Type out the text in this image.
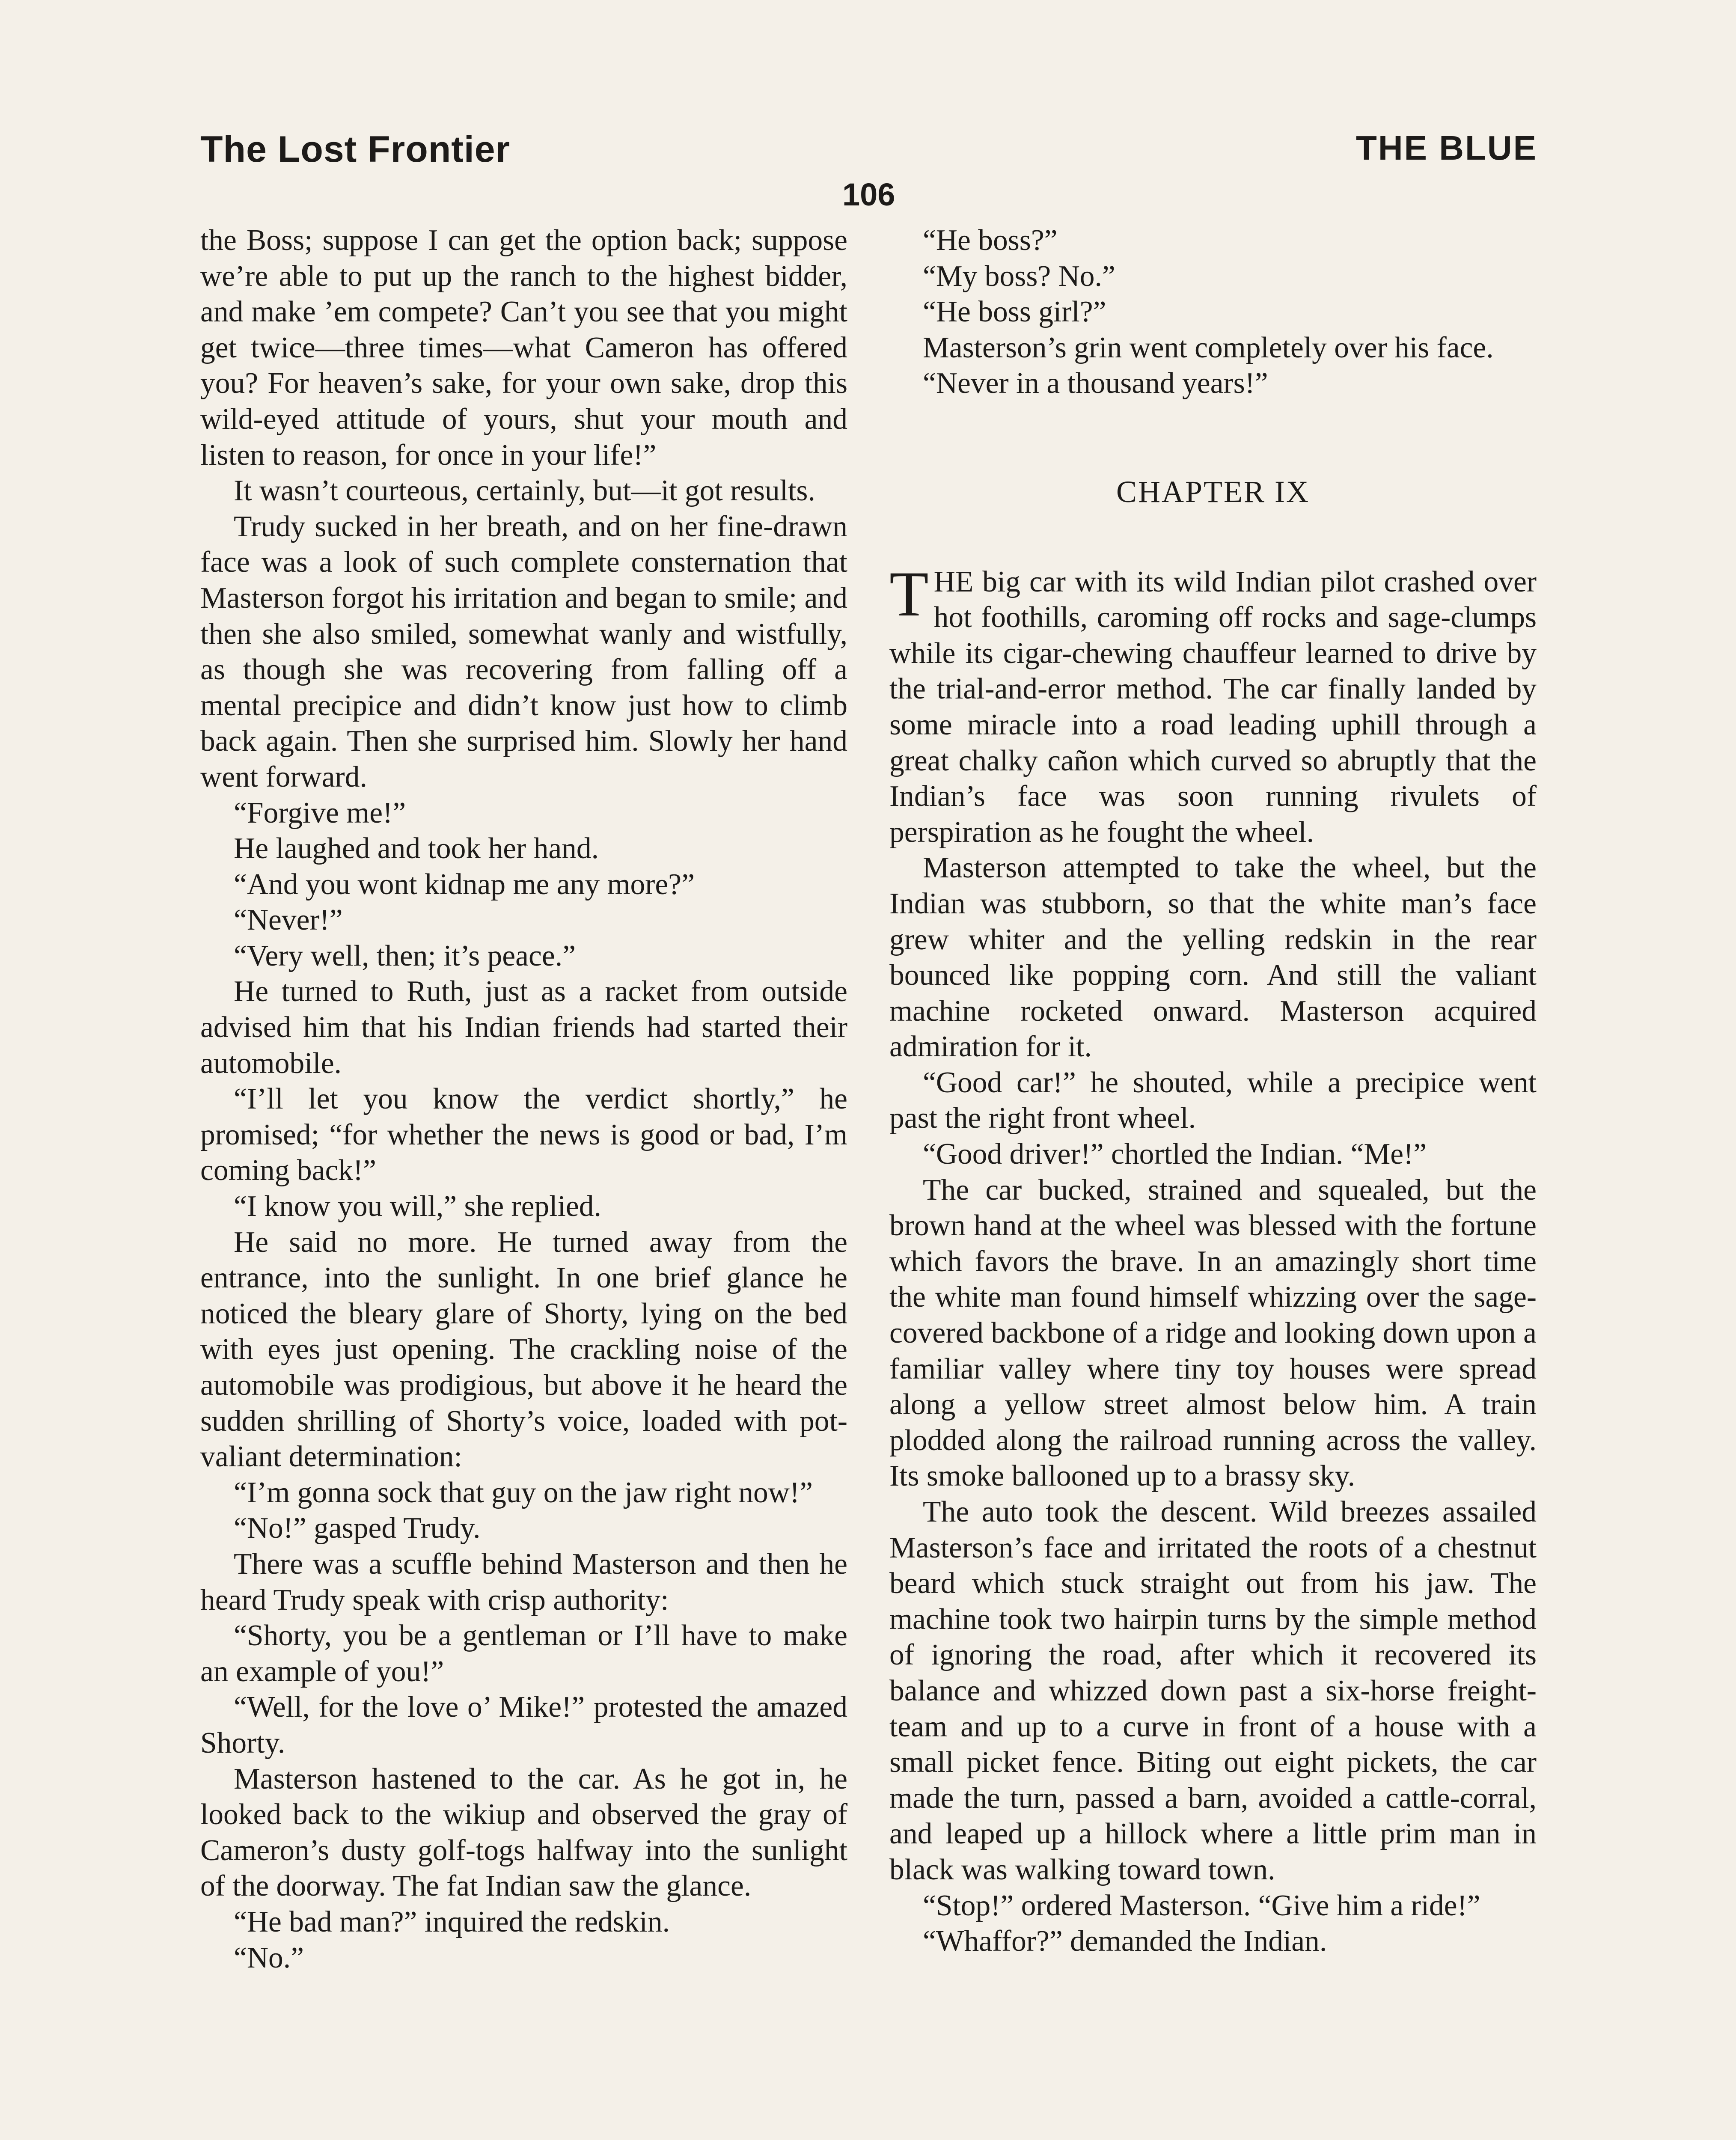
The Lost Frontier	THE BLUE
106

the Boss; suppose I can get the option back; suppose we’re able to put up the ranch to the highest bidder, and make ’em compete? Can’t you see that you might get twice—three times—what Cameron has offered you? For heaven’s sake, for your own sake, drop this wild-eyed attitude of yours, shut your mouth and listen to reason, for once in your life!”

It wasn’t courteous, certainly, but—it got results.

Trudy sucked in her breath, and on her fine-drawn face was a look of such complete consternation that Masterson forgot his irritation and began to smile; and then she also smiled, somewhat wanly and wistfully, as though she was recovering from falling off a mental precipice and didn’t know just how to climb back again. Then she surprised him. Slowly her hand went forward.

“Forgive me!”

He laughed and took her hand.

“And you wont kidnap me any more?”

“Never!”

“Very well, then; it’s peace.”

He turned to Ruth, just as a racket from outside advised him that his Indian friends had started their automobile.

“I’ll let you know the verdict shortly,” he promised; “for whether the news is good or bad, I’m coming back!”

“I know you will,” she replied.

He said no more. He turned away from the entrance, into the sunlight. In one brief glance he noticed the bleary glare of Shorty, lying on the bed with eyes just opening. The crackling noise of the automobile was prodigious, but above it he heard the sudden shrilling of Shorty’s voice, loaded with pot-valiant determination:

“I’m gonna sock that guy on the jaw right now!”

“No!” gasped Trudy.

There was a scuffle behind Masterson and then he heard Trudy speak with crisp authority:

“Shorty, you be a gentleman or I’ll have to make an example of you!”

“Well, for the love o’ Mike!” protested the amazed Shorty.

Masterson hastened to the car. As he got in, he looked back to the wikiup and observed the gray of Cameron’s dusty golf-togs halfway into the sunlight of the doorway. The fat Indian saw the glance.

“He bad man?” inquired the redskin.

“No.”

“He boss?”

“My boss? No.”

“He boss girl?”

Masterson’s grin went completely over his face.

“Never in a thousand years!”

CHAPTER IX

THE big car with its wild Indian pilot crashed over hot foothills, caroming off rocks and sage-clumps while its cigar-chewing chauffeur learned to drive by the trial-and-error method. The car finally landed by some miracle into a road leading uphill through a great chalky cañon which curved so abruptly that the Indian’s face was soon running rivulets of perspiration as he fought the wheel.

Masterson attempted to take the wheel, but the Indian was stubborn, so that the white man’s face grew whiter and the yelling redskin in the rear bounced like popping corn. And still the valiant machine rocketed onward. Masterson acquired admiration for it.

“Good car!” he shouted, while a precipice went past the right front wheel.

“Good driver!” chortled the Indian. “Me!”

The car bucked, strained and squealed, but the brown hand at the wheel was blessed with the fortune which favors the brave. In an amazingly short time the white man found himself whizzing over the sage-covered backbone of a ridge and looking down upon a familiar valley where tiny toy houses were spread along a yellow street almost below him. A train plodded along the railroad running across the valley. Its smoke ballooned up to a brassy sky.

The auto took the descent. Wild breezes assailed Masterson’s face and irritated the roots of a chestnut beard which stuck straight out from his jaw. The machine took two hairpin turns by the simple method of ignoring the road, after which it recovered its balance and whizzed down past a six-horse freight-team and up to a curve in front of a house with a small picket fence. Biting out eight pickets, the car made the turn, passed a barn, avoided a cattle-corral, and leaped up a hillock where a little prim man in black was walking toward town.

“Stop!” ordered Masterson. “Give him a ride!”

“Whaffor?” demanded the Indian.
